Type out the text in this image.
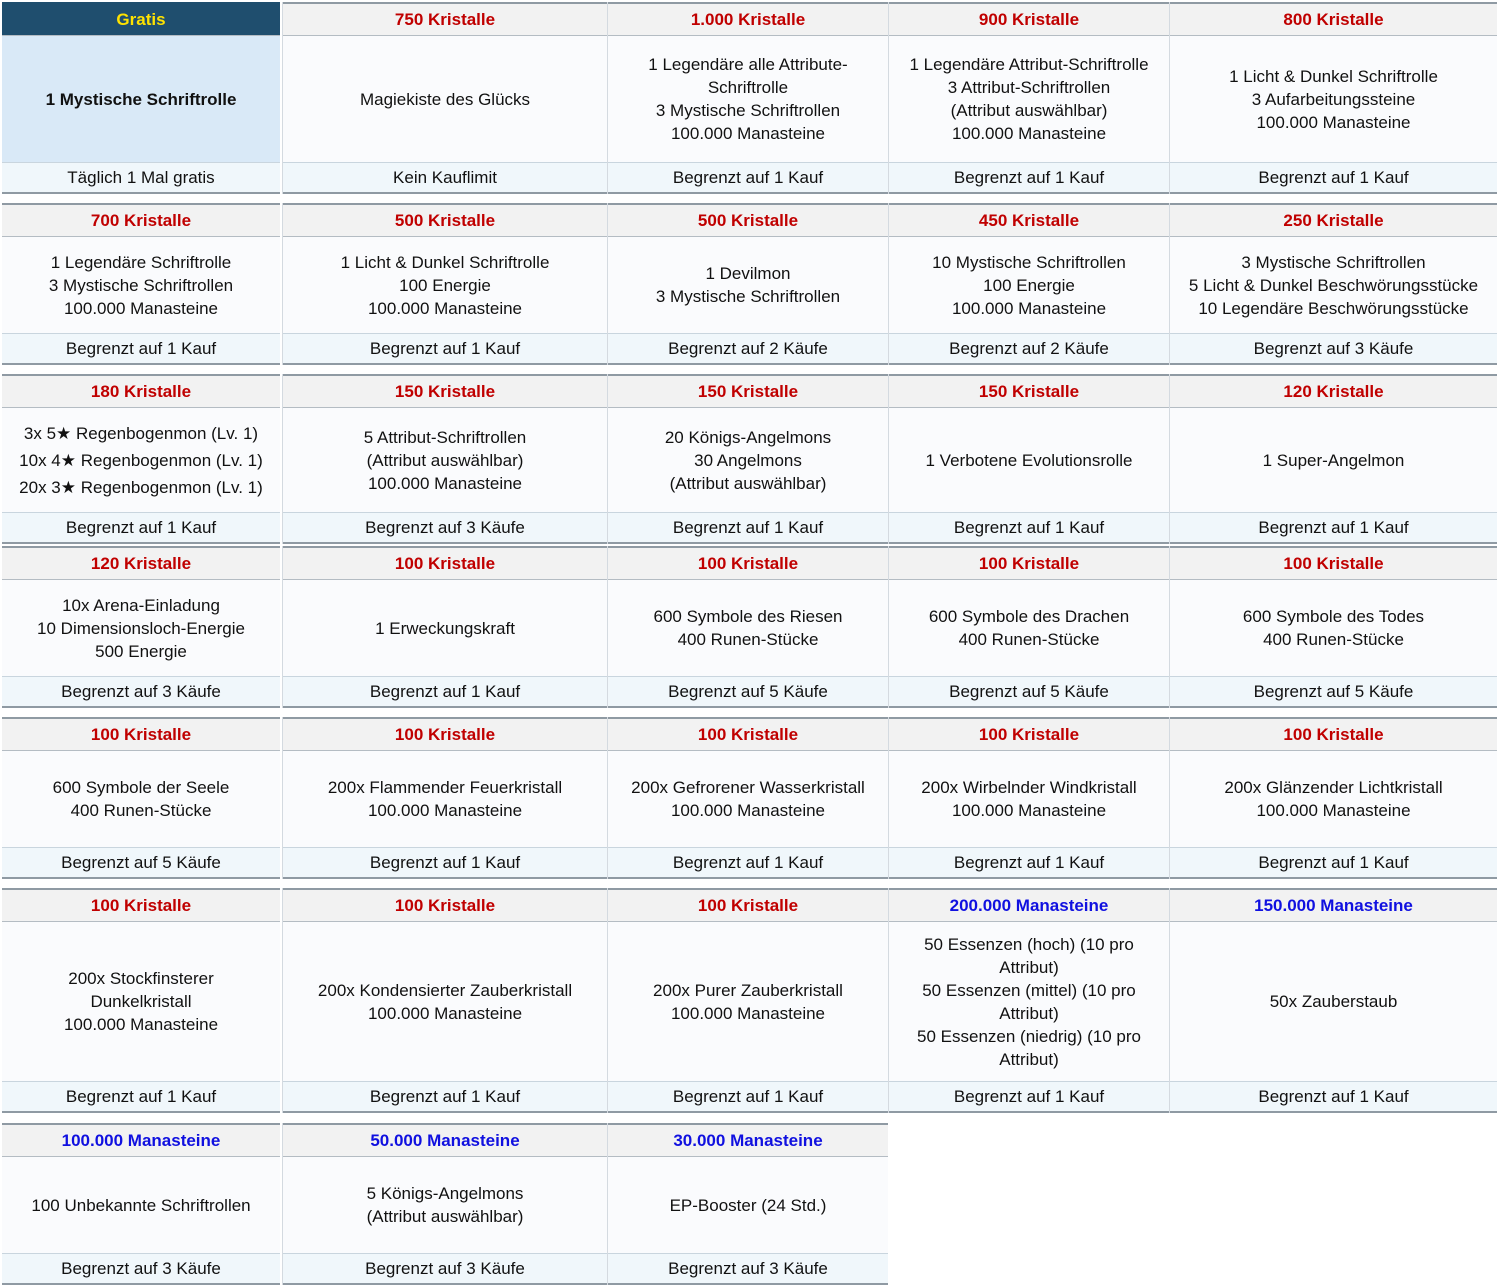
Gratis
1 Mystische Schriftrolle
Täglich 1 Mal gratis
750 Kristalle
Magiekiste des Glücks
Kein Kauflimit
1.000 Kristalle
1 Legendäre alle Attribute-
Schriftrolle
3 Mystische Schriftrollen
100.000 Manasteine
Begrenzt auf 1 Kauf
900 Kristalle
1 Legendäre Attribut-Schriftrolle
3 Attribut-Schriftrollen
(Attribut auswählbar)
100.000 Manasteine
Begrenzt auf 1 Kauf
800 Kristalle
1 Licht & Dunkel Schriftrolle
3 Aufarbeitungssteine
100.000 Manasteine
Begrenzt auf 1 Kauf
700 Kristalle
1 Legendäre Schriftrolle
3 Mystische Schriftrollen
100.000 Manasteine
Begrenzt auf 1 Kauf
500 Kristalle
1 Licht & Dunkel Schriftrolle
100 Energie
100.000 Manasteine
Begrenzt auf 1 Kauf
500 Kristalle
1 Devilmon
3 Mystische Schriftrollen
Begrenzt auf 2 Käufe
450 Kristalle
10 Mystische Schriftrollen
100 Energie
100.000 Manasteine
Begrenzt auf 2 Käufe
250 Kristalle
3 Mystische Schriftrollen
5 Licht & Dunkel Beschwörungsstücke
10 Legendäre Beschwörungsstücke
Begrenzt auf 3 Käufe
180 Kristalle
3x 5★ Regenbogenmon (Lv. 1)
10x 4★ Regenbogenmon (Lv. 1)
20x 3★ Regenbogenmon (Lv. 1)
Begrenzt auf 1 Kauf
150 Kristalle
5 Attribut-Schriftrollen
(Attribut auswählbar)
100.000 Manasteine
Begrenzt auf 3 Käufe
150 Kristalle
20 Königs-Angelmons
30 Angelmons
(Attribut auswählbar)
Begrenzt auf 1 Kauf
150 Kristalle
1 Verbotene Evolutionsrolle
Begrenzt auf 1 Kauf
120 Kristalle
1 Super-Angelmon
Begrenzt auf 1 Kauf
120 Kristalle
10x Arena-Einladung
10 Dimensionsloch-Energie
500 Energie
Begrenzt auf 3 Käufe
100 Kristalle
1 Erweckungskraft
Begrenzt auf 1 Kauf
100 Kristalle
600 Symbole des Riesen
400 Runen-Stücke
Begrenzt auf 5 Käufe
100 Kristalle
600 Symbole des Drachen
400 Runen-Stücke
Begrenzt auf 5 Käufe
100 Kristalle
600 Symbole des Todes
400 Runen-Stücke
Begrenzt auf 5 Käufe
100 Kristalle
600 Symbole der Seele
400 Runen-Stücke
Begrenzt auf 5 Käufe
100 Kristalle
200x Flammender Feuerkristall
100.000 Manasteine
Begrenzt auf 1 Kauf
100 Kristalle
200x Gefrorener Wasserkristall
100.000 Manasteine
Begrenzt auf 1 Kauf
100 Kristalle
200x Wirbelnder Windkristall
100.000 Manasteine
Begrenzt auf 1 Kauf
100 Kristalle
200x Glänzender Lichtkristall
100.000 Manasteine
Begrenzt auf 1 Kauf
100 Kristalle
200x Stockfinsterer
Dunkelkristall
100.000 Manasteine
Begrenzt auf 1 Kauf
100 Kristalle
200x Kondensierter Zauberkristall
100.000 Manasteine
Begrenzt auf 1 Kauf
100 Kristalle
200x Purer Zauberkristall
100.000 Manasteine
Begrenzt auf 1 Kauf
200.000 Manasteine
50 Essenzen (hoch) (10 pro
Attribut)
50 Essenzen (mittel) (10 pro
Attribut)
50 Essenzen (niedrig) (10 pro
Attribut)
Begrenzt auf 1 Kauf
150.000 Manasteine
50x Zauberstaub
Begrenzt auf 1 Kauf
100.000 Manasteine
100 Unbekannte Schriftrollen
Begrenzt auf 3 Käufe
50.000 Manasteine
5 Königs-Angelmons
(Attribut auswählbar)
Begrenzt auf 3 Käufe
30.000 Manasteine
EP-Booster (24 Std.)
Begrenzt auf 3 Käufe
